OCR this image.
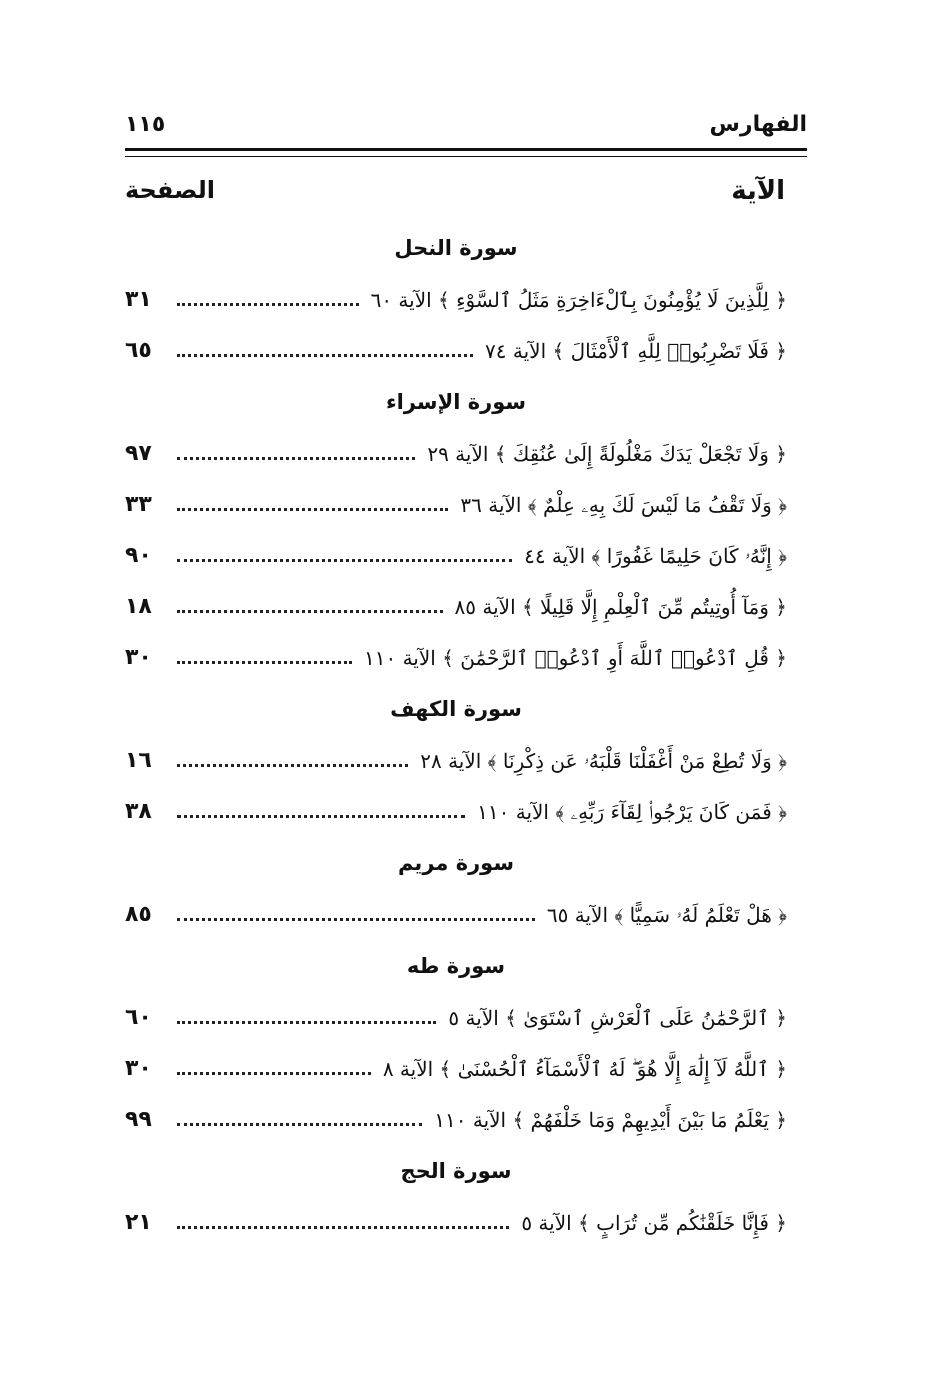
الفهارس
١١٥
الآية
الصفحة
سورة النحل
﴿ لِلَّذِينَ لَا يُؤْمِنُونَ بِٱلْءَاخِرَةِ مَثَلُ ٱلسَّوْءِ ﴾ الآية ٦٠
٣١
﴿ فَلَا تَضْرِبُوا۟ لِلَّهِ ٱلْأَمْثَالَ ﴾ الآية ٧٤
٦٥
سورة الإسراء
﴿ وَلَا تَجْعَلْ يَدَكَ مَغْلُولَةً إِلَىٰ عُنُقِكَ ﴾ الآية ٢٩
٩٧
﴿ وَلَا تَقْفُ مَا لَيْسَ لَكَ بِهِۦ عِلْمٌ ﴾ الآية ٣٦
٣٣
﴿ إِنَّهُۥ كَانَ حَلِيمًا غَفُورًا ﴾ الآية ٤٤
٩٠
﴿ وَمَآ أُوتِيتُم مِّنَ ٱلْعِلْمِ إِلَّا قَلِيلًا ﴾ الآية ٨٥
١٨
﴿ قُلِ ٱدْعُوا۟ ٱللَّهَ أَوِ ٱدْعُوا۟ ٱلرَّحْمَٰنَ ﴾ الآية ١١٠
٣٠
سورة الكهف
﴿ وَلَا تُطِعْ مَنْ أَغْفَلْنَا قَلْبَهُۥ عَن ذِكْرِنَا ﴾ الآية ٢٨
١٦
﴿ فَمَن كَانَ يَرْجُوا۟ لِقَآءَ رَبِّهِۦ ﴾ الآية ١١٠
٣٨
سورة مريم
﴿ هَلْ تَعْلَمُ لَهُۥ سَمِيًّا ﴾ الآية ٦٥
٨٥
سورة طه
﴿ ٱلرَّحْمَٰنُ عَلَى ٱلْعَرْشِ ٱسْتَوَىٰ ﴾ الآية ٥
٦٠
﴿ ٱللَّهُ لَآ إِلَٰهَ إِلَّا هُوَ ۖ لَهُ ٱلْأَسْمَآءُ ٱلْحُسْنَىٰ ﴾ الآية ٨
٣٠
﴿ يَعْلَمُ مَا بَيْنَ أَيْدِيهِمْ وَمَا خَلْفَهُمْ ﴾ الآية ١١٠
٩٩
سورة الحج
﴿ فَإِنَّا خَلَقْنَٰكُم مِّن تُرَابٍ ﴾ الآية ٥
٢١
